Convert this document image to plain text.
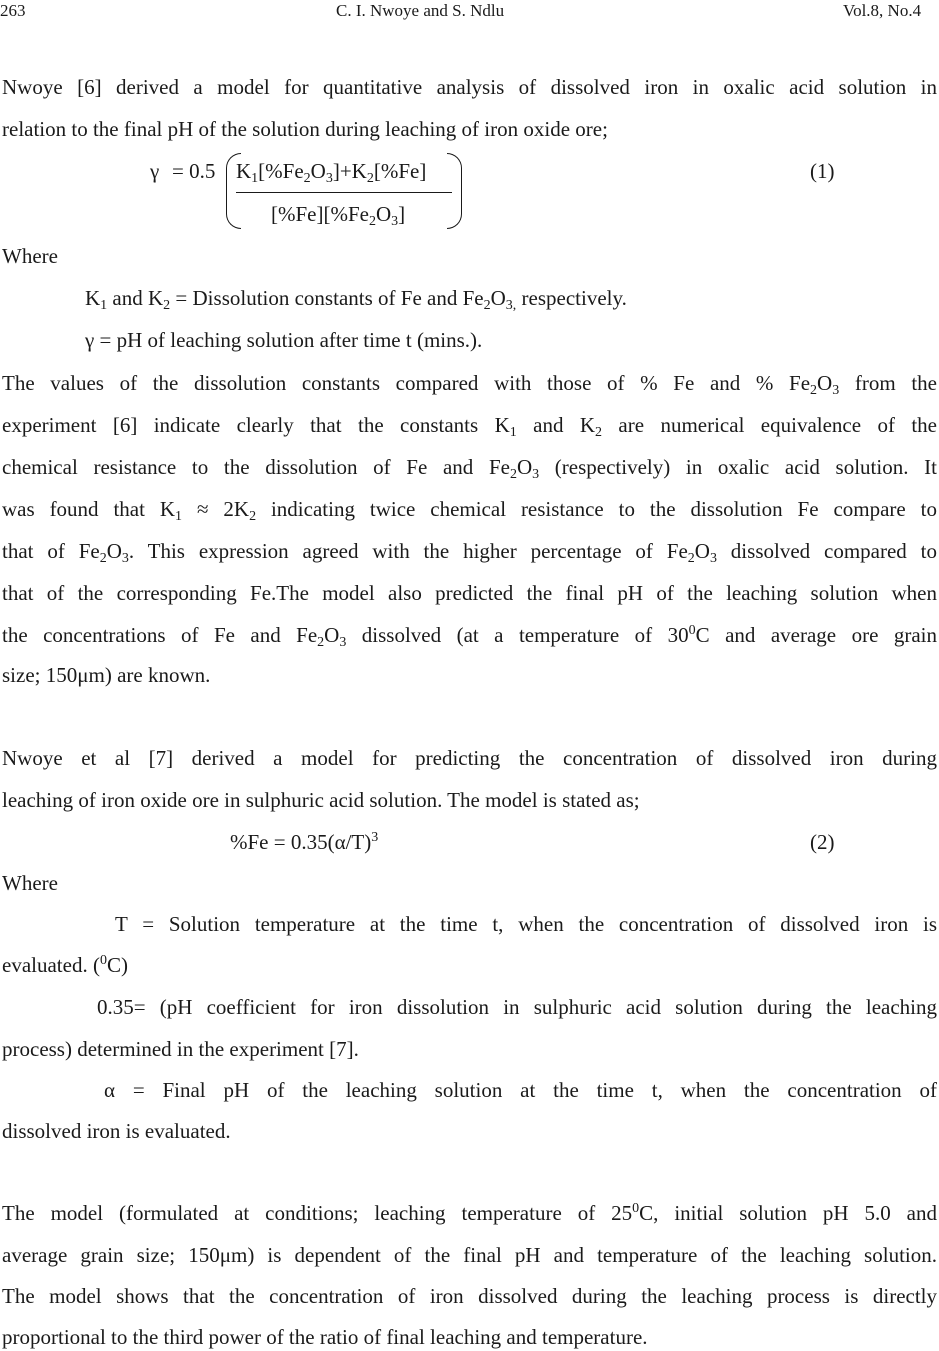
263	C. I. Nwoye and S. Ndlu	Vol.8, No.4
Nwoye [6] derived a model for quantitative analysis of dissolved iron in oxalic acid solution in
relation to the final pH of the solution during leaching of iron oxide ore;
γ = 0.5 $K_1[\%Fe_2O_3]+K_2[\%Fe]$
$[\%Fe][\%Fe_2O_3]$
(1)
Where
$K_1$ and $K_2$ = Dissolution constants of Fe and $Fe_2O_{3,}$ respectively.
γ = pH of leaching solution after time t (mins.).
The values of the dissolution constants compared with those of % Fe and % $Fe_2O_3$ from the
experiment [6] indicate clearly that the constants $K_1$ and $K_2$ are numerical equivalence of the
chemical resistance to the dissolution of Fe and $Fe_2O_3$ (respectively) in oxalic acid solution. It
was found that $K_1 \approx 2K_2$ indicating twice chemical resistance to the dissolution Fe compare to
that of $Fe_2O_3$. This expression agreed with the higher percentage of $Fe_2O_3$ dissolved compared to
that of the corresponding Fe.The model also predicted the final pH of the leaching solution when
the concentrations of Fe and $Fe_2O_3$ dissolved (at a temperature of $30^0C$ and average ore grain
size; 150μm) are known.
Nwoye et al [7] derived a model for predicting the concentration of dissolved iron during
leaching of iron oxide ore in sulphuric acid solution. The model is stated as;
$\%Fe = 0.35(\alpha/T)^3$	(2)
Where
T = Solution temperature at the time t, when the concentration of dissolved iron is
evaluated. ($^0$C)
0.35= (pH coefficient for iron dissolution in sulphuric acid solution during the leaching
process) determined in the experiment [7].
α = Final pH of the leaching solution at the time t, when the concentration of
dissolved iron is evaluated.
The model (formulated at conditions; leaching temperature of $25^0C$, initial solution pH 5.0 and
average grain size; 150μm) is dependent of the final pH and temperature of the leaching solution.
The model shows that the concentration of iron dissolved during the leaching process is directly
proportional to the third power of the ratio of final leaching and temperature.
